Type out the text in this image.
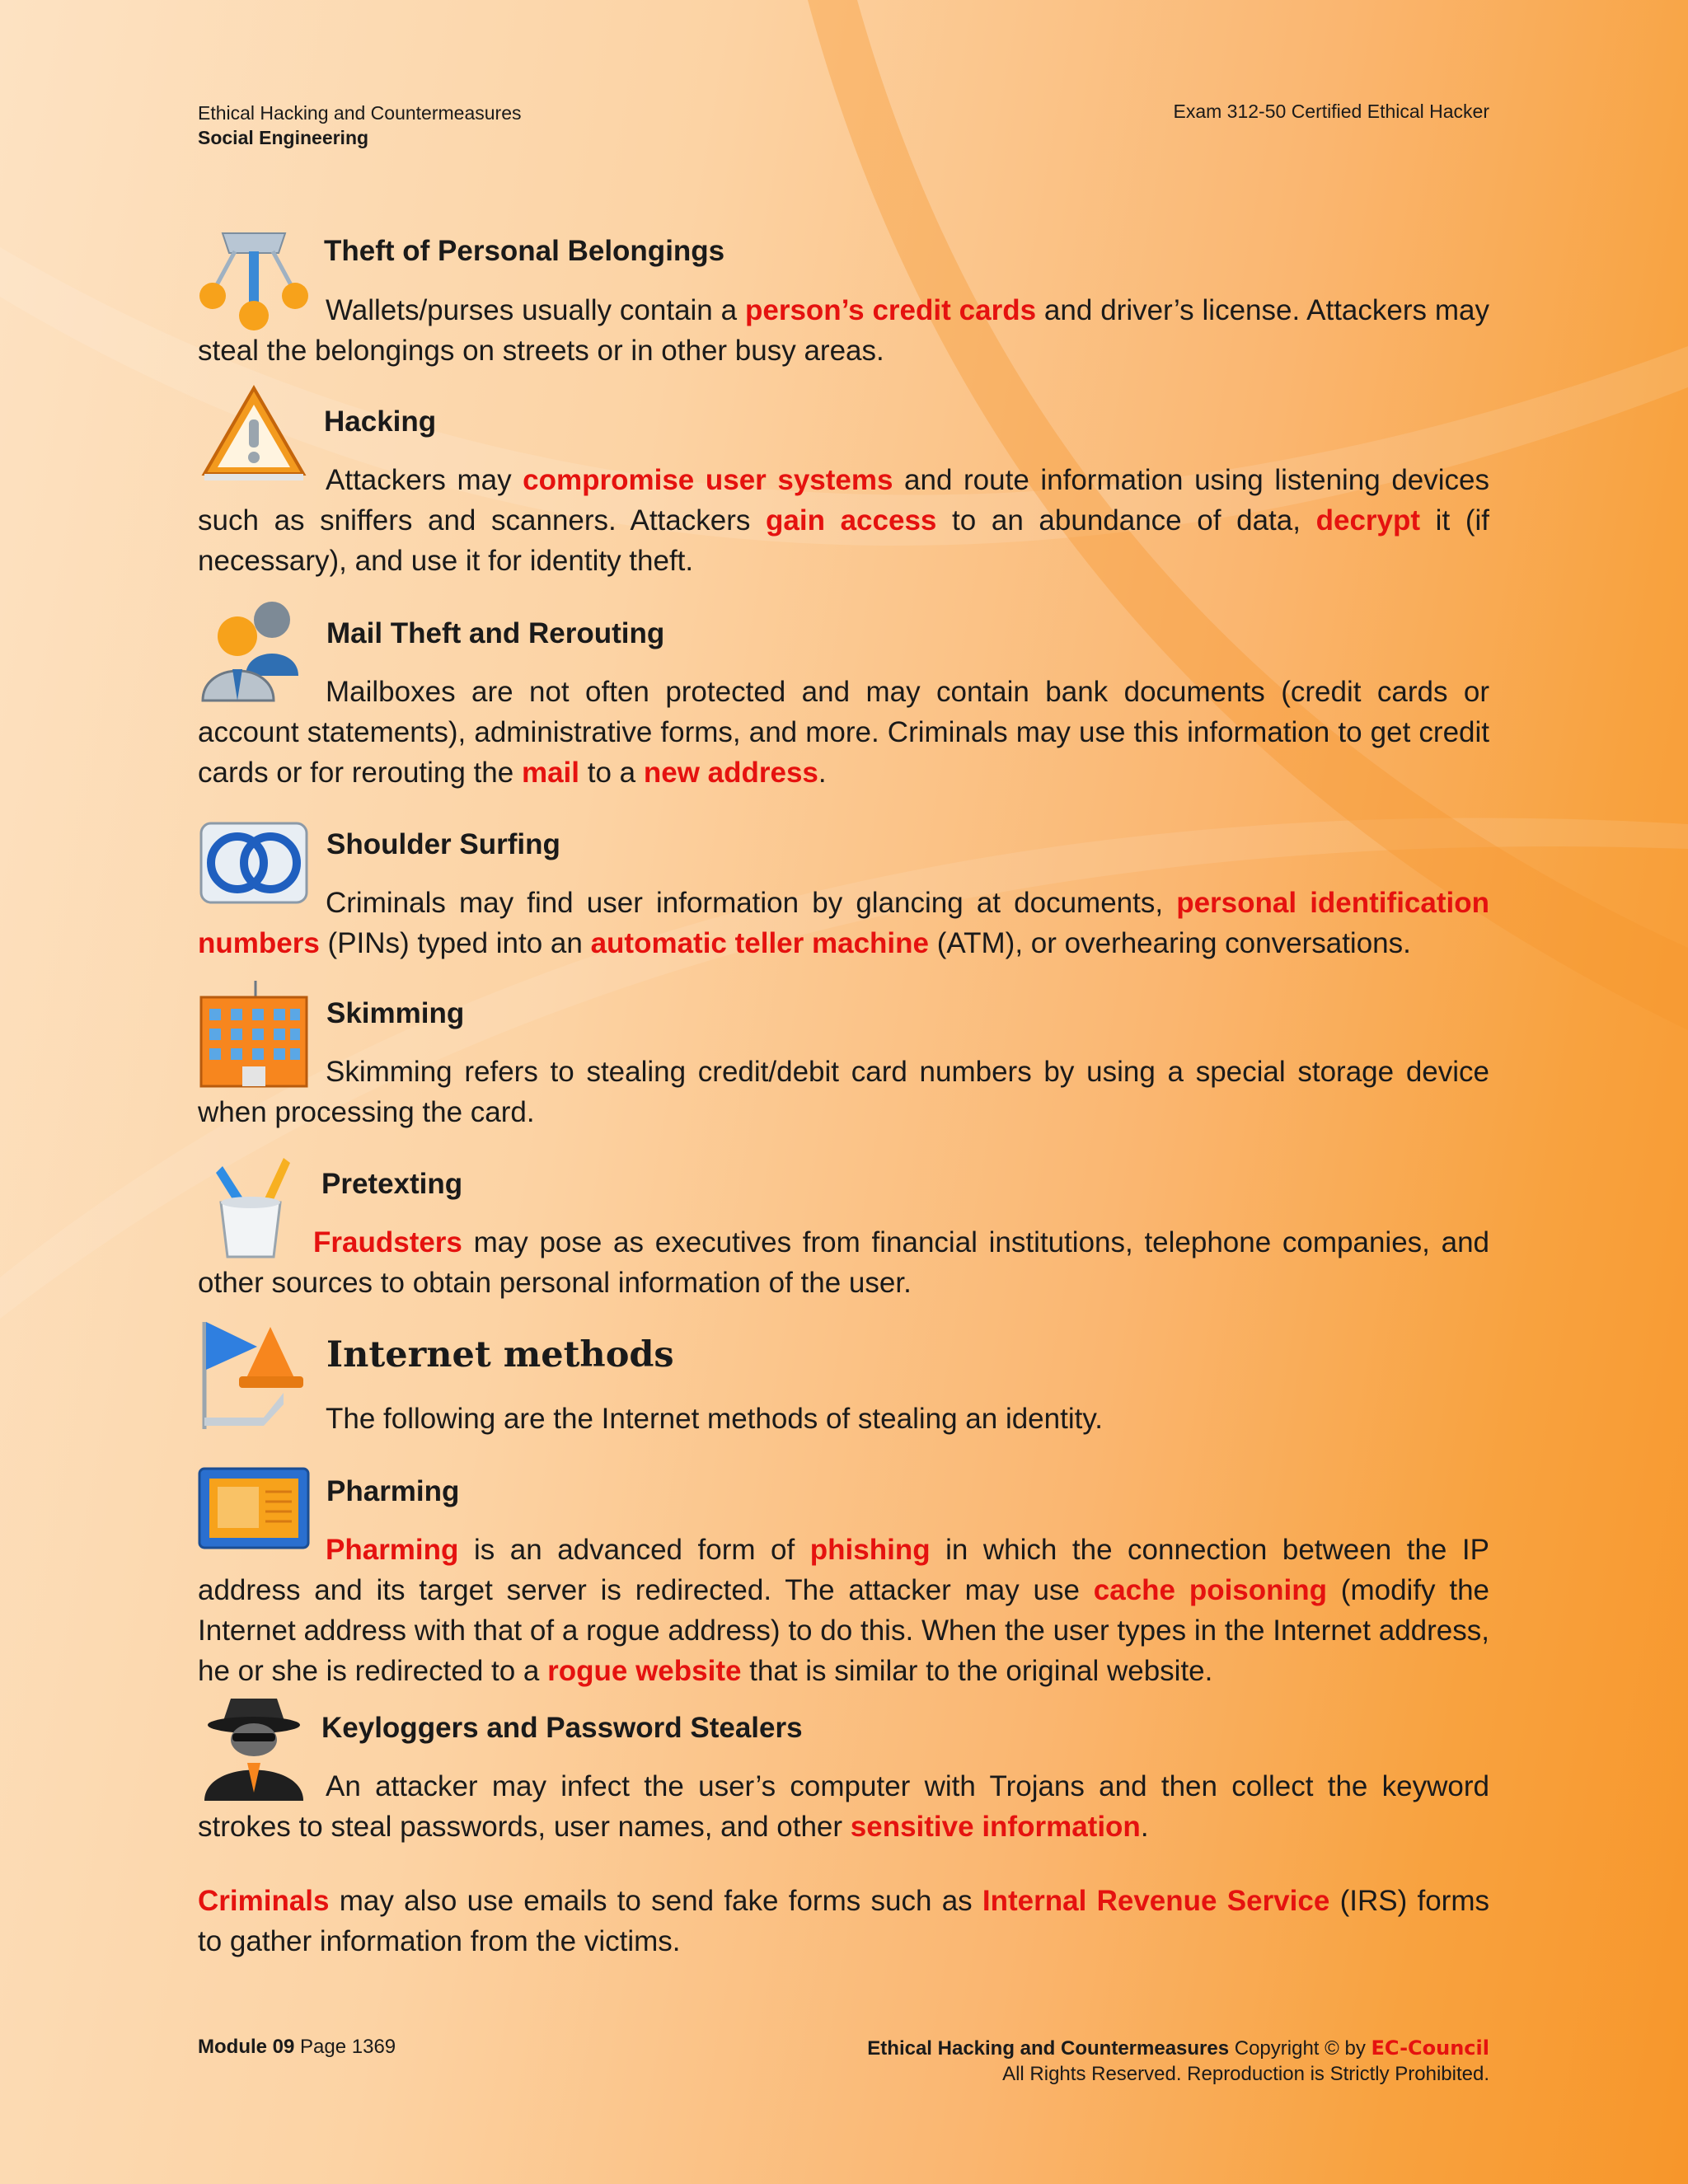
Ethical Hacking and Countermeasures
Social Engineering
Exam 312-50 Certified Ethical Hacker
Theft of Personal Belongings
Wallets/purses usually contain a person’s credit cards and driver’s license. Attackers may steal the belongings on streets or in other busy areas.
Hacking
Attackers may compromise user systems and route information using listening devices such as sniffers and scanners. Attackers gain access to an abundance of data, decrypt it (if necessary), and use it for identity theft.
Mail Theft and Rerouting
Mailboxes are not often protected and may contain bank documents (credit cards or account statements), administrative forms, and more. Criminals may use this information to get credit cards or for rerouting the mail to a new address.
Shoulder Surfing
Criminals may find user information by glancing at documents, personal identification numbers (PINs) typed into an automatic teller machine (ATM), or overhearing conversations.
Skimming
Skimming refers to stealing credit/debit card numbers by using a special storage device when processing the card.
Pretexting
Fraudsters may pose as executives from financial institutions, telephone companies, and other sources to obtain personal information of the user.
Internet methods
The following are the Internet methods of stealing an identity.
Pharming
Pharming is an advanced form of phishing in which the connection between the IP address and its target server is redirected. The attacker may use cache poisoning (modify the Internet address with that of a rogue address) to do this. When the user types in the Internet address, he or she is redirected to a rogue website that is similar to the original website.
Keyloggers and Password Stealers
An attacker may infect the user’s computer with Trojans and then collect the keyword strokes to steal passwords, user names, and other sensitive information.
Criminals may also use emails to send fake forms such as Internal Revenue Service (IRS) forms to gather information from the victims.
Module 09 Page 1369	Ethical Hacking and Countermeasures Copyright © by EC-Council
All Rights Reserved. Reproduction is Strictly Prohibited.
